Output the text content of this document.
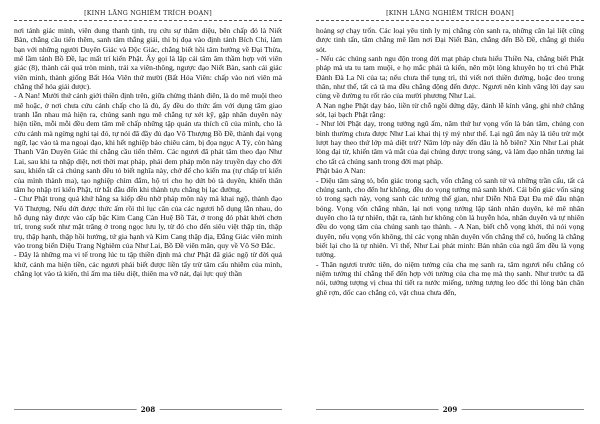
[KINH LĂNG NGHIÊM TRÍCH ĐOẠN]

nơi tánh giác minh, viên dung thanh tịnh, trụ cứu sự thâm diệu, bên chấp đó là Niết Bàn, chẳng cầu tiến thêm, sanh tâm thắng giải, thì bị đọa vào định tánh Bích Chi, làm bạn với những người Duyên Giác và Độc Giác, chẳng biết hồi tâm hướng về Đại Thừa, mê lầm tánh Bồ Đề, lạc mất trí kiến Phật. Ấy gọi là lập cái tâm âm thầm hợp với viên giác (8), thành cái quả tròn minh, trái xa viên-thông, ngược đạo Niết Bàn, sanh cái giác viên minh, thành giống Bất Hóa Viên thứ mười (Bất Hóa Viên: chấp vào nơi viên mà chẳng thể hóa giải được).

- A Nan! Mười thứ cảnh giới thiền định trên, giữa chừng thành điên, là do mê muội theo mê hoặc, ở nơi chưa cứu cánh chấp cho là đủ, ấy đều do thức ấm với dụng tâm giao tranh lẫn nhau mà hiện ra, chúng sanh ngu mê chẳng tự xét kỹ, gặp nhân duyên này hiện tiền, mỗi mỗi đều đem tâm mê chấp những tập quán ưa thích cũ của mình, cho là cứu cánh mà ngừng nghỉ tại đó, tự nói đã đầy đủ đạo Vô Thượng Bồ Đề, thành đại vọng ngữ, lạc vào tà ma ngoại đạo, khi hết nghiệp báo chiêu cảm, bị đọa ngục A Tỳ, còn hàng Thanh Văn Duyên Giác thì chẳng cầu tiến thêm. Các ngươi đã phát tâm theo đạo Như Lai, sau khi ta nhập diệt, nơi thời mạt pháp, phải đem pháp môn này truyền dạy cho đời sau, khiến tất cả chúng sanh đều tỏ biết nghĩa này, chớ để cho kiến ma (tự chấp trí kiến của mình thành ma), tạo nghiệp chìm đắm, hộ trì cho họ dứt bỏ tà duyên, khiến thân tâm họ nhập trí kiến Phật, từ bắt đầu đến khi thành tựu chẳng bị lạc đường.

- Chư Phật trong quá khứ hằng sa kiếp đều nhờ pháp môn này mà khai ngộ, thành đạo Vô Thượng. Nếu dứt được thức ấm rồi thì lục căn của các ngươi hỗ dụng lẫn nhau, do hỗ dụng này được vào cấp bậc Kim Cang Càn Huệ Bồ Tát, ở trong đó phát khởi chơn trí, trong suốt như mặt trăng ở trong ngọc lưu ly, từ đó cho đến siêu việt thập tín, thập trụ, thập hạnh, thập hồi hướng, tứ gia hạnh và Kim Cang thập địa, Đẳng Giác viên minh vào trong biển Diệu Trang Nghiêm của Như Lai, Bồ Đề viên mãn, quy về Vô Sở Đắc.

- Đây là những ma vi tế trong lúc tu tập thiền định mà chư Phật đã giác ngộ từ đời quá khứ, cảnh ma hiện tiền, các ngươi phải biết được liền tẩy trừ tâm cấu nhiễm của mình, chẳng lọt vào tà kiến, thì ấm ma tiêu diệt, thiên ma vỡ nát, đại lực quỷ thần

208
[KINH LĂNG NGHIÊM TRÍCH ĐOẠN]

hoảng sợ chạy trốn. Các loại yêu tinh ly mị chẳng còn sanh ra, những căn lại liệt cũng được tinh tấn, tâm chẳng mê lầm nơi Đại Niết Bàn, chẳng đến Bồ Đề, chẳng gì thiếu sót.

- Nếu các chúng sanh ngu độn trong đời mạt pháp chưa hiểu Thiền Na, chẳng biết Phật pháp mà ưa tu tam muội, e họ mắc phải tà kiến, nên một lòng khuyên họ trì chú Phật Đảnh Đà La Ni của ta; nếu chưa thể tụng trì, thì viết nơi thiền đường, hoặc đeo trong thân, như thế, tất cả tà ma đều chẳng động đến được. Ngươi nên kính vâng lời dạy sau cùng về đường tu rốt ráo của mười phương Như Lai.

A Nan nghe Phật dạy bảo, liền từ chỗ ngồi đứng dậy, đảnh lễ kính vâng, ghi nhớ chẳng sót, lại bạch Phật rằng:

- Như lời Phật dạy, trong tướng ngũ ấm, năm thứ hư vọng vốn là bản tâm, chúng con bình thường chưa được Như Lai khai thị tỷ mỷ như thế. Lại ngũ ấm này là tiêu trừ một lượt hay theo thứ lớp mà diệt trừ? Năm lớp này đến đâu là hỗ biên? Xin Như Lai phát lòng đại từ, khiến tâm và mắt của đại chúng được trong sáng, và làm đạo nhãn tương lai cho tất cả chúng sanh trong đời mạt pháp.

Phật bảo A Nan:

- Diệu tâm sáng tỏ, bổn giác trong sạch, vốn chẳng có sanh tử và những trần cấu, tất cả chúng sanh, cho đến hư không, đều do vọng tưởng mà sanh khởi. Cái bổn giác vốn sáng tỏ trong sạch này, vọng sanh các tướng thế gian, như Diễn Nhã Đạt Đa mê đầu nhận bóng. Vọng vốn chẳng nhân, lại nơi vọng tưởng lập tánh nhân duyên, kẻ mê nhân duyên cho là tự nhiên, thật ra, tánh hư không còn là huyễn hóa, nhân duyên và tự nhiên đều do vọng tâm của chúng sanh tạo thành. - A Nan, biết chỗ vọng khởi, thì nói vọng duyên, nếu vọng vốn không, thì các vọng nhân duyên vốn chẳng thể có, huống là chẳng biết lại cho là tự nhiên. Vì thế, Như Lai phát minh: Bản nhân của ngũ ấm đều là vọng tưởng.

- Thân ngươi trước tiên, do niệm tưởng của cha mẹ sanh ra, tâm ngươi nếu chẳng có niệm tưởng thì chẳng thể đến hợp với tưởng của cha mẹ mà thọ sanh. Như trước ta đã nói, tưởng tượng vị chua thì tiết ra nước miếng, tưởng tượng leo dốc thì lòng bàn chân ghê rợn, dốc cao chẳng có, vật chua chưa đến,

209
